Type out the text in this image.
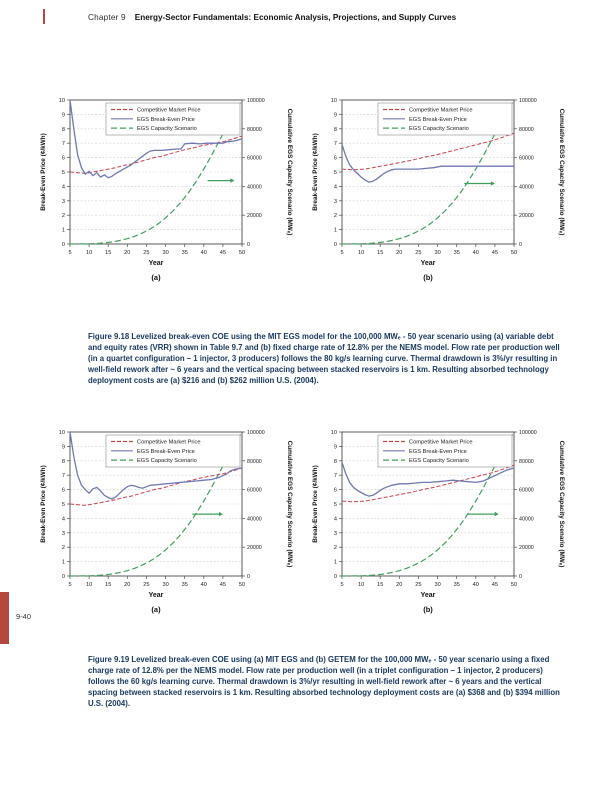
Chapter 9 Energy-Sector Fundamentals: Economic Analysis, Projections, and Supply Curves
5	10 15 20 25 30 35 40 45 50
0
1
2
3
4
5
6
7
8
9
10
0
20000
40000
60000
80000
100000
Break-Even Price (¢/kWh)	Cumulative EGS Capacity Scenario (MWₑ)
Year
(a)
Competitive Market Price
EGS Break-Even Price
EGS Capacity Scenario
5	10 15 20 25 30 35 40 45 50
0
1
2
3
4
5
6
7
8
9
10
0
20000
40000
60000
80000
100000
Break-Even Price (¢/kWh)	Cumulative EGS Capacity Scenario (MWₑ)
Year
(b)
Competitive Market Price
EGS Break-Even Price
EGS Capacity Scenario

Figure 9.18 Levelized break-even COE using the MIT EGS model for the 100,000 MWₑ - 50 year scenario using (a) variable debt and equity rates (VRR) shown in Table 9.7 and (b) fixed charge rate of 12.8% per the NEMS model. Flow rate per production well (in a quartet configuration – 1 injector, 3 producers) follows the 80 kg/s learning curve. Thermal drawdown is 3%/yr resulting in well-field rework after ~ 6 years and the vertical spacing between stacked reservoirs is 1 km. Resulting absorbed technology deployment costs are (a) $216 and (b) $262 million U.S. (2004).

5	10 15 20 25 30 35 40 45 50
0
1
2
3
4
5
6
7
8
9
10
0
20000
40000
60000
80000
100000
Break-Even Price (¢/kWh)	Cumulative EGS Capacity Scenario (MWₑ)
Year
(a)
Competitive Market Price
EGS Break-Even Price
EGS Capacity Scenario
5	10 15 20 25 30 35 40 45 50
0
1
2
3
4
5
6
7
8
9
10
0
20000
40000
60000
80000
100000
Break-Even Price (¢/kWh)	Cumulative EGS Capacity Scenario (MWₑ)
Year
(b)
Competitive Market Price
EGS Break-Even Price
EGS Capacity Scenario

Figure 9.19 Levelized break-even COE using (a) MIT EGS and (b) GETEM for the 100,000 MWₑ - 50 year scenario using a fixed charge rate of 12.8% per the NEMS model. Flow rate per production well (in a triplet configuration – 1 injector, 2 producers) follows the 60 kg/s learning curve. Thermal drawdown is 3%/yr resulting in well-field rework after ~ 6 years and the vertical spacing between stacked reservoirs is 1 km. Resulting absorbed technology deployment costs are (a) $368 and (b) $394 million U.S. (2004).

9-40
